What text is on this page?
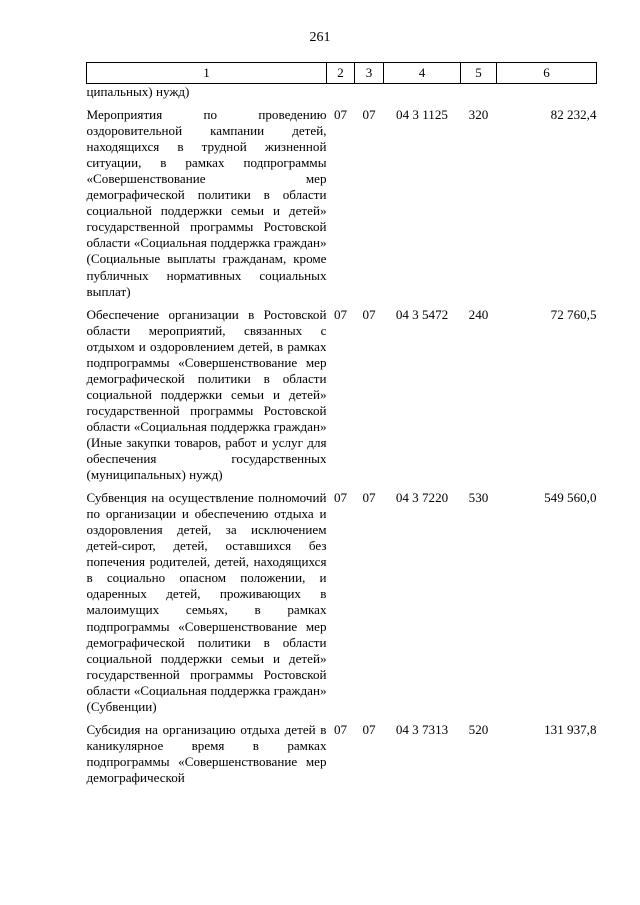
261
1	2	3	4	5	6
ципальных) нужд)					
Мероприятия по проведению оздоровительной кампании детей, находящихся в трудной жизненной ситуации, в рамках подпрограммы «Совершенствование мер демографической политики в области социальной поддержки семьи и детей» государственной программы Ростовской области «Социальная поддержка граждан» (Социальные выплаты гражданам, кроме публичных нормативных социальных выплат)	07	07	04 3 1125	320	82 232,4
Обеспечение организации в Ростовской области мероприятий, связанных с отдыхом и оздоровлением детей, в рамках подпрограммы «Совершенствование мер демографической политики в области социальной поддержки семьи и детей» государственной программы Ростовской области «Социальная поддержка граждан» (Иные закупки товаров, работ и услуг для обеспечения государственных (муниципальных) нужд)	07	07	04 3 5472	240	72 760,5
Субвенция на осуществление полномочий по организации и обеспечению отдыха и оздоровления детей, за исключением детей-сирот, детей, оставшихся без попечения родителей, детей, находящихся в социально опасном положении, и одаренных детей, проживающих в малоимущих семьях, в рамках подпрограммы «Совершенствование мер демографической политики в области социальной поддержки семьи и детей» государственной программы Ростовской области «Социальная поддержка граждан» (Субвенции)	07	07	04 3 7220	530	549 560,0
Субсидия на организацию отдыха детей в каникулярное время в рамках подпрограммы «Совершенствование мер демографической	07	07	04 3 7313	520	131 937,8
